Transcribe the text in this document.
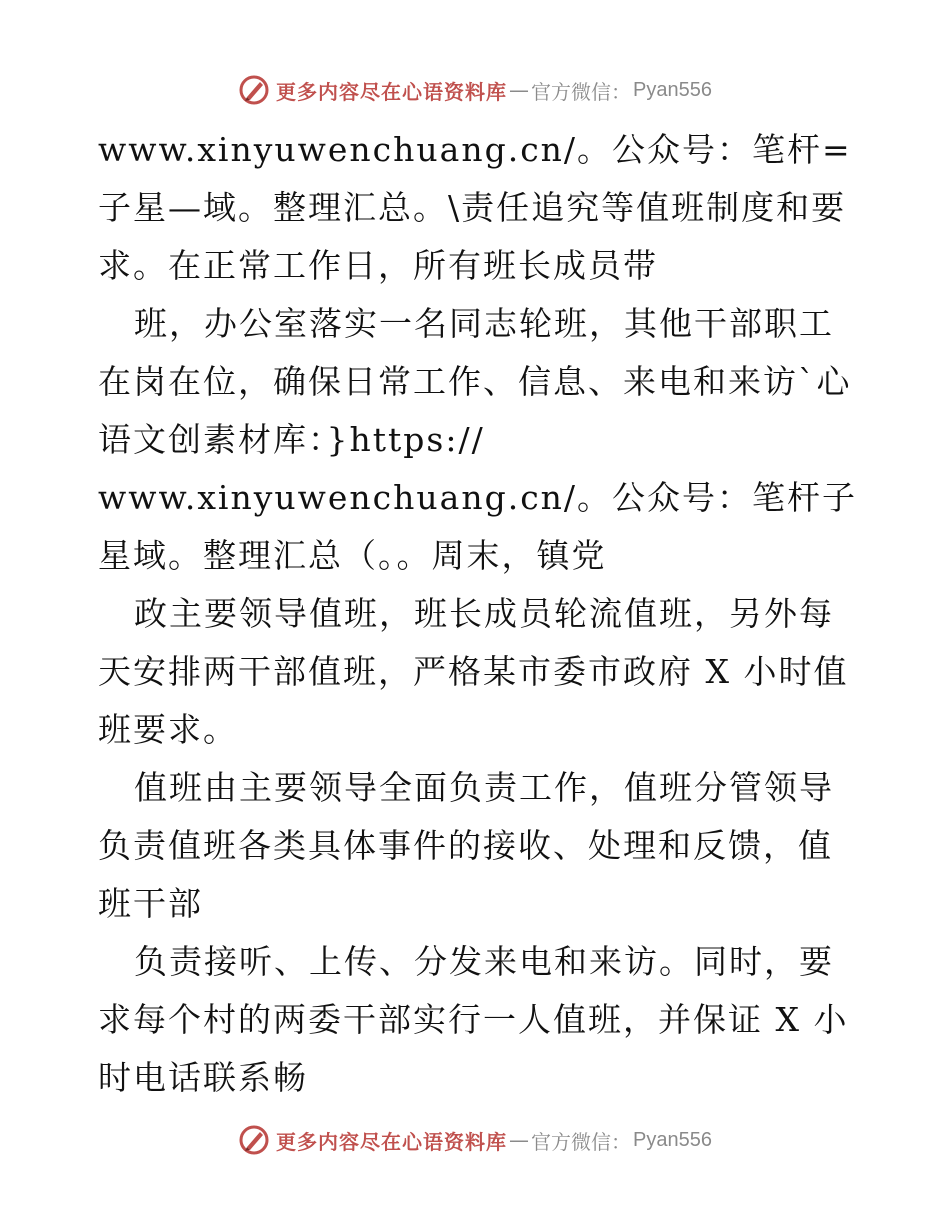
更多内容尽在心语资料库 — 官方微信： Pyan556

www.xinyuwenchuang.cn/。公众号：笔杆=子星—域。整理汇总。\责任追究等值班制度和要求。在正常工作日，所有班长成员带

班，办公室落实一名同志轮班，其他干部职工在岗在位，确保日常工作、信息、来电和来访`心语文创素材库：}https://

www.xinyuwenchuang.cn/。公众号：笔杆子星域。整理汇总（。。周末，镇党

政主要领导值班，班长成员轮流值班，另外每天安排两干部值班，严格某市委市政府 X 小时值班要求。

值班由主要领导全面负责工作，值班分管领导负责值班各类具体事件的接收、处理和反馈，值班干部

负责接听、上传、分发来电和来访。同时，要求每个村的两委干部实行一人值班，并保证 X 小时电话联系畅

更多内容尽在心语资料库 — 官方微信： Pyan556
